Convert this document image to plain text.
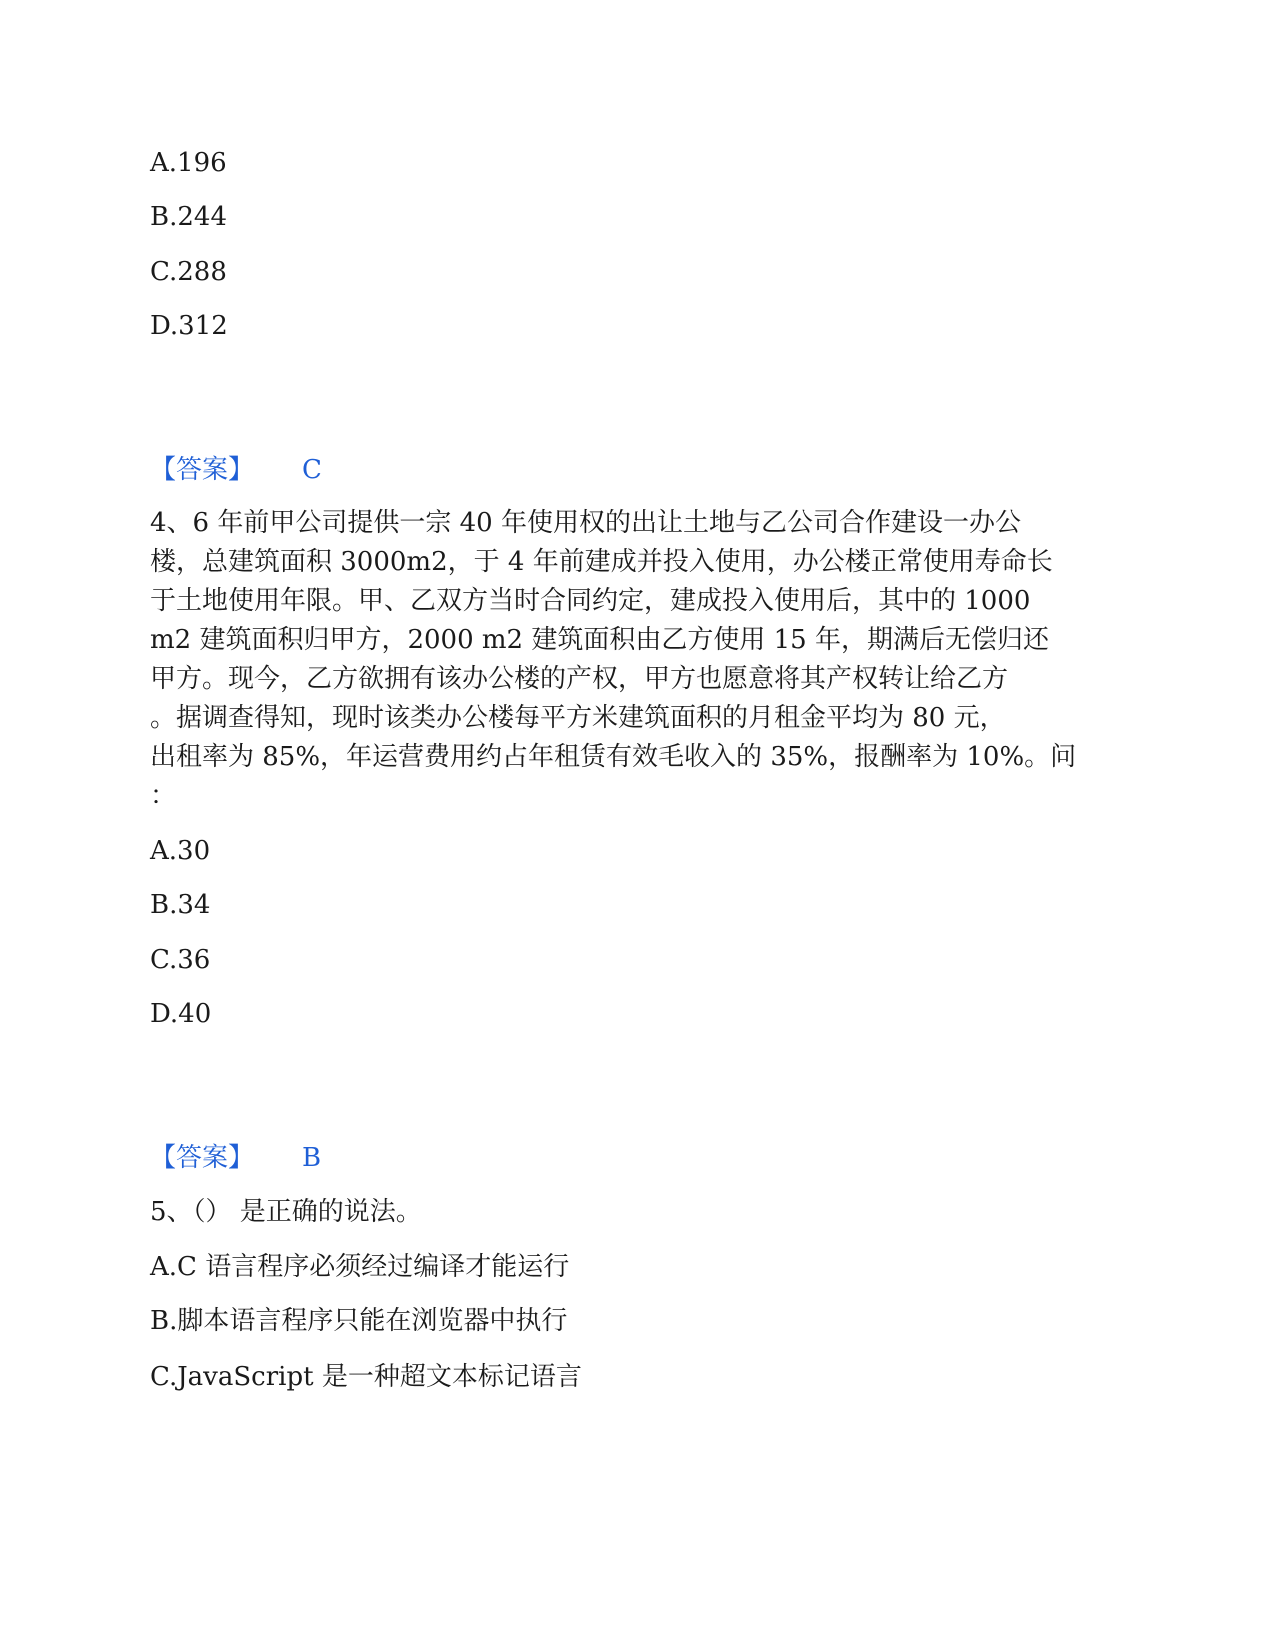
A.196
B.244
C.288
D.312
【答案】 C
4、6 年前甲公司提供一宗 40 年使用权的出让土地与乙公司合作建设一办公
楼，总建筑面积 3000m2，于 4 年前建成并投入使用，办公楼正常使用寿命长
于土地使用年限。甲、乙双方当时合同约定，建成投入使用后，其中的 1000
m2 建筑面积归甲方，2000 m2 建筑面积由乙方使用 15 年，期满后无偿归还
甲方。现今，乙方欲拥有该办公楼的产权，甲方也愿意将其产权转让给乙方
。据调查得知，现时该类办公楼每平方米建筑面积的月租金平均为 80 元，
出租率为 85%，年运营费用约占年租赁有效毛收入的 35%，报酬率为 10%。问
：
A.30
B.34
C.36
D.40
【答案】 B
5、（） 是正确的说法。
A.C 语言程序必须经过编译才能运行
B.脚本语言程序只能在浏览器中执行
C.JavaScript 是一种超文本标记语言
